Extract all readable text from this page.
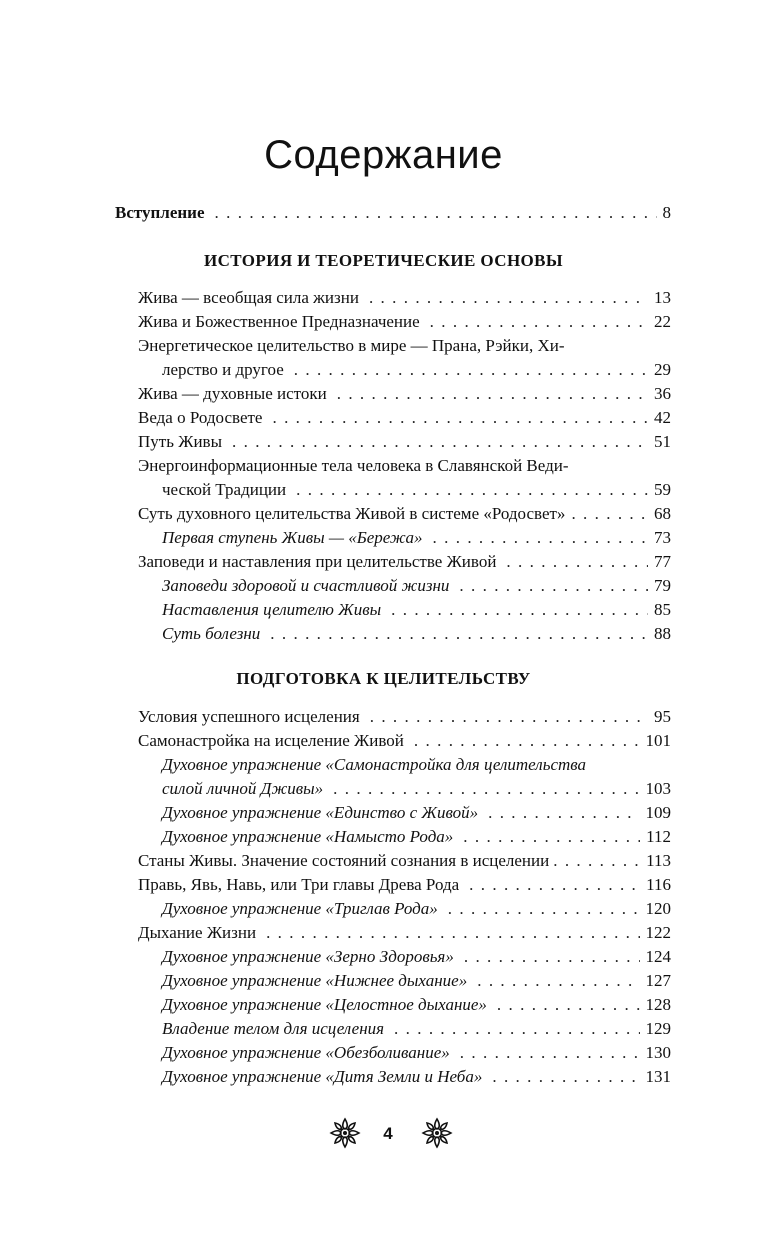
Содержание
Вступление . . .	8
ИСТОРИЯ И ТЕОРЕТИЧЕСКИЕ ОСНОВЫ
Жива — всеобщая сила жизни . . .	13
Жива и Божественное Предназначение . . .	22
Энергетическое целительство в мире — Прана, Рэйки, Хи-
лерство и другое . . .	29
Жива — духовные истоки . . .	36
Веда о Родосвете . . .	42
Путь Живы . . .	51
Энергоинформационные тела человека в Славянской Веди-
ческой Традиции . . .	59
Суть духовного целительства Живой в системе «Родосвет» . . .	68
Первая ступень Живы — «Бережа» . . .	73
Заповеди и наставления при целительстве Живой . . .	77
Заповеди здоровой и счастливой жизни . . .	79
Наставления целителю Живы . . .	85
Суть болезни . . .	88
ПОДГОТОВКА К ЦЕЛИТЕЛЬСТВУ
Условия успешного исцеления . . .	95
Самонастройка на исцеление Живой . . .	101
Духовное упражнение «Самонастройка для целительства
силой личной Дживы» . . .	103
Духовное упражнение «Единство с Живой» . . .	109
Духовное упражнение «Намысто Рода» . . .	112
Станы Живы. Значение состояний сознания в исцелении . . .	113
Правь, Явь, Навь, или Три главы Древа Рода . . .	116
Духовное упражнение «Триглав Рода» . . .	120
Дыхание Жизни . . .	122
Духовное упражнение «Зерно Здоровья» . . .	124
Духовное упражнение «Нижнее дыхание» . . .	127
Духовное упражнение «Целостное дыхание» . . .	128
Владение телом для исцеления . . .	129
Духовное упражнение «Обезболивание» . . .	130
Духовное упражнение «Дитя Земли и Неба» . . .	131
4
